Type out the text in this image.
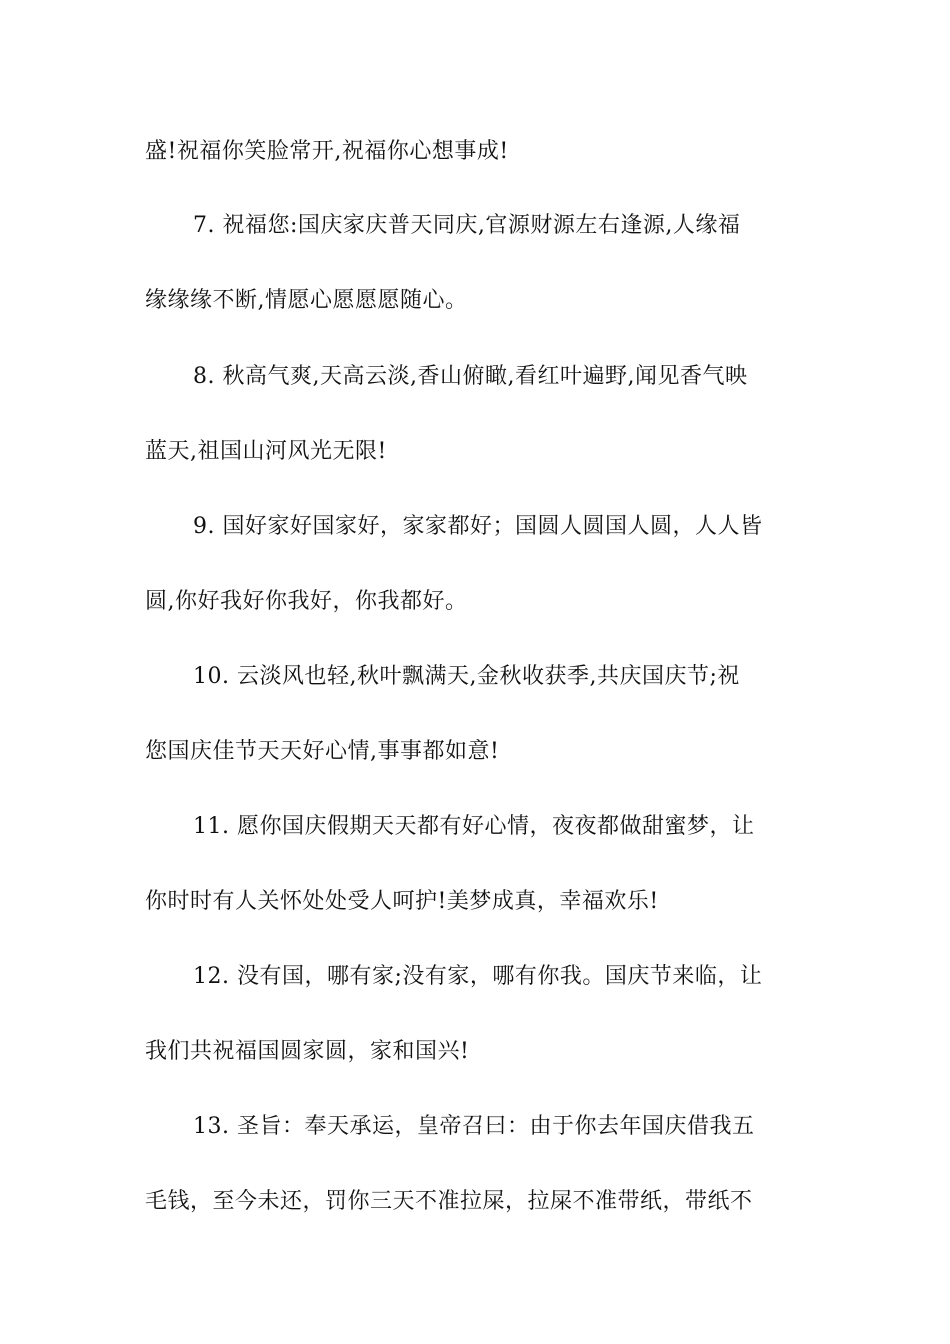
盛!祝福你笑脸常开,祝福你心想事成!
7. 祝福您:国庆家庆普天同庆,官源财源左右逢源,人缘福
缘缘缘不断,情愿心愿愿愿随心。
8. 秋高气爽,天高云淡,香山俯瞰,看红叶遍野,闻见香气映
蓝天,祖国山河风光无限!
9. 国好家好国家好，家家都好；国圆人圆国人圆，人人皆
圆,你好我好你我好，你我都好。
10. 云淡风也轻,秋叶飘满天,金秋收获季,共庆国庆节;祝
您国庆佳节天天好心情,事事都如意!
11. 愿你国庆假期天天都有好心情，夜夜都做甜蜜梦，让
你时时有人关怀处处受人呵护!美梦成真，幸福欢乐!
12. 没有国，哪有家;没有家，哪有你我。国庆节来临，让
我们共祝福国圆家圆，家和国兴!
13. 圣旨：奉天承运，皇帝召曰：由于你去年国庆借我五
毛钱，至今未还，罚你三天不准拉屎，拉屎不准带纸，带纸不
